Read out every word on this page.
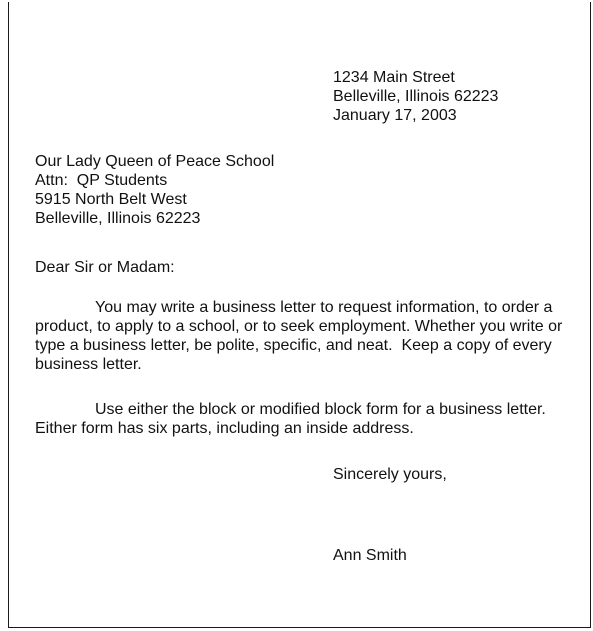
1234 Main Street
Belleville, Illinois 62223
January 17, 2003
Our Lady Queen of Peace School
Attn:  QP Students
5915 North Belt West
Belleville, Illinois 62223

Dear Sir or Madam:

You may write a business letter to request information, to order a product, to apply to a school, or to seek employment. Whether you write or type a business letter, be polite, specific, and neat.  Keep a copy of every business letter.

Use either the block or modified block form for a business letter.  Either form has six parts, including an inside address.

Sincerely yours,

Ann Smith
